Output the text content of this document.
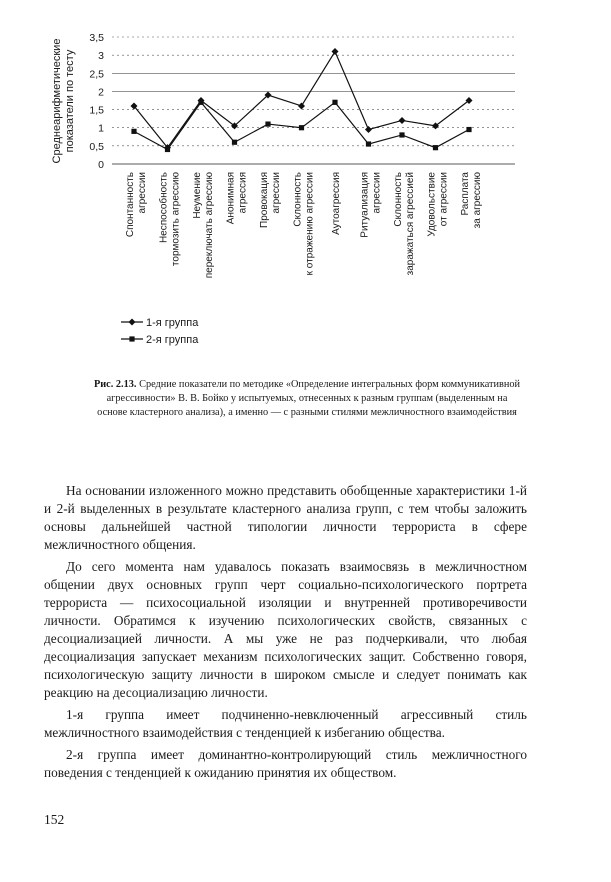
0
0,5
1
1,5
2
2,5
3
3,5
Спонтанностьагрессии Неспособностьтормозить агрессию Неумениепереключать агрессию Анонимнаяагрессия Провокацияагрессии Склонностьк отражению агрессии Аутоагрессия Ритуализацияагрессии Склонностьзаражаться агрессией Удовольствиеот агрессии Расплатаза агрессию
1-я группа
2-я группа
Среднеарифметическиепоказатели по тесту
Рис. 2.13. Средние показатели по методике «Определение интегральных форм коммуникативной агрессивности» В. В. Бойко у испытуемых, отнесенных к разным группам (выделенным на основе кластерного анализа), а именно — с разными стилями межличностного взаимодействия

На основании изложенного можно представить обобщенные характеристики 1-й и 2-й выделенных в результате кластерного анализа групп, с тем чтобы заложить основы дальнейшей частной типологии личности террориста в сфере межличностного общения.

До сего момента нам удавалось показать взаимосвязь в межличностном общении двух основных групп черт социально-психологического портрета террориста — психосоциальной изоляции и внутренней противоречивости личности. Обратимся к изучению психологических свойств, связанных с десоциализацией личности. А мы уже не раз подчеркивали, что любая десоциализация запускает механизм психологических защит. Собственно говоря, психологическую защиту личности в широком смысле и следует понимать как реакцию на десоциализацию личности.

1-я группа имеет подчиненно-невключенный агрессивный стиль межличностного взаимодействия с тенденцией к избеганию общества.

2-я группа имеет доминантно-контролирующий стиль межличностного поведения с тенденцией к ожиданию принятия их обществом.

152
